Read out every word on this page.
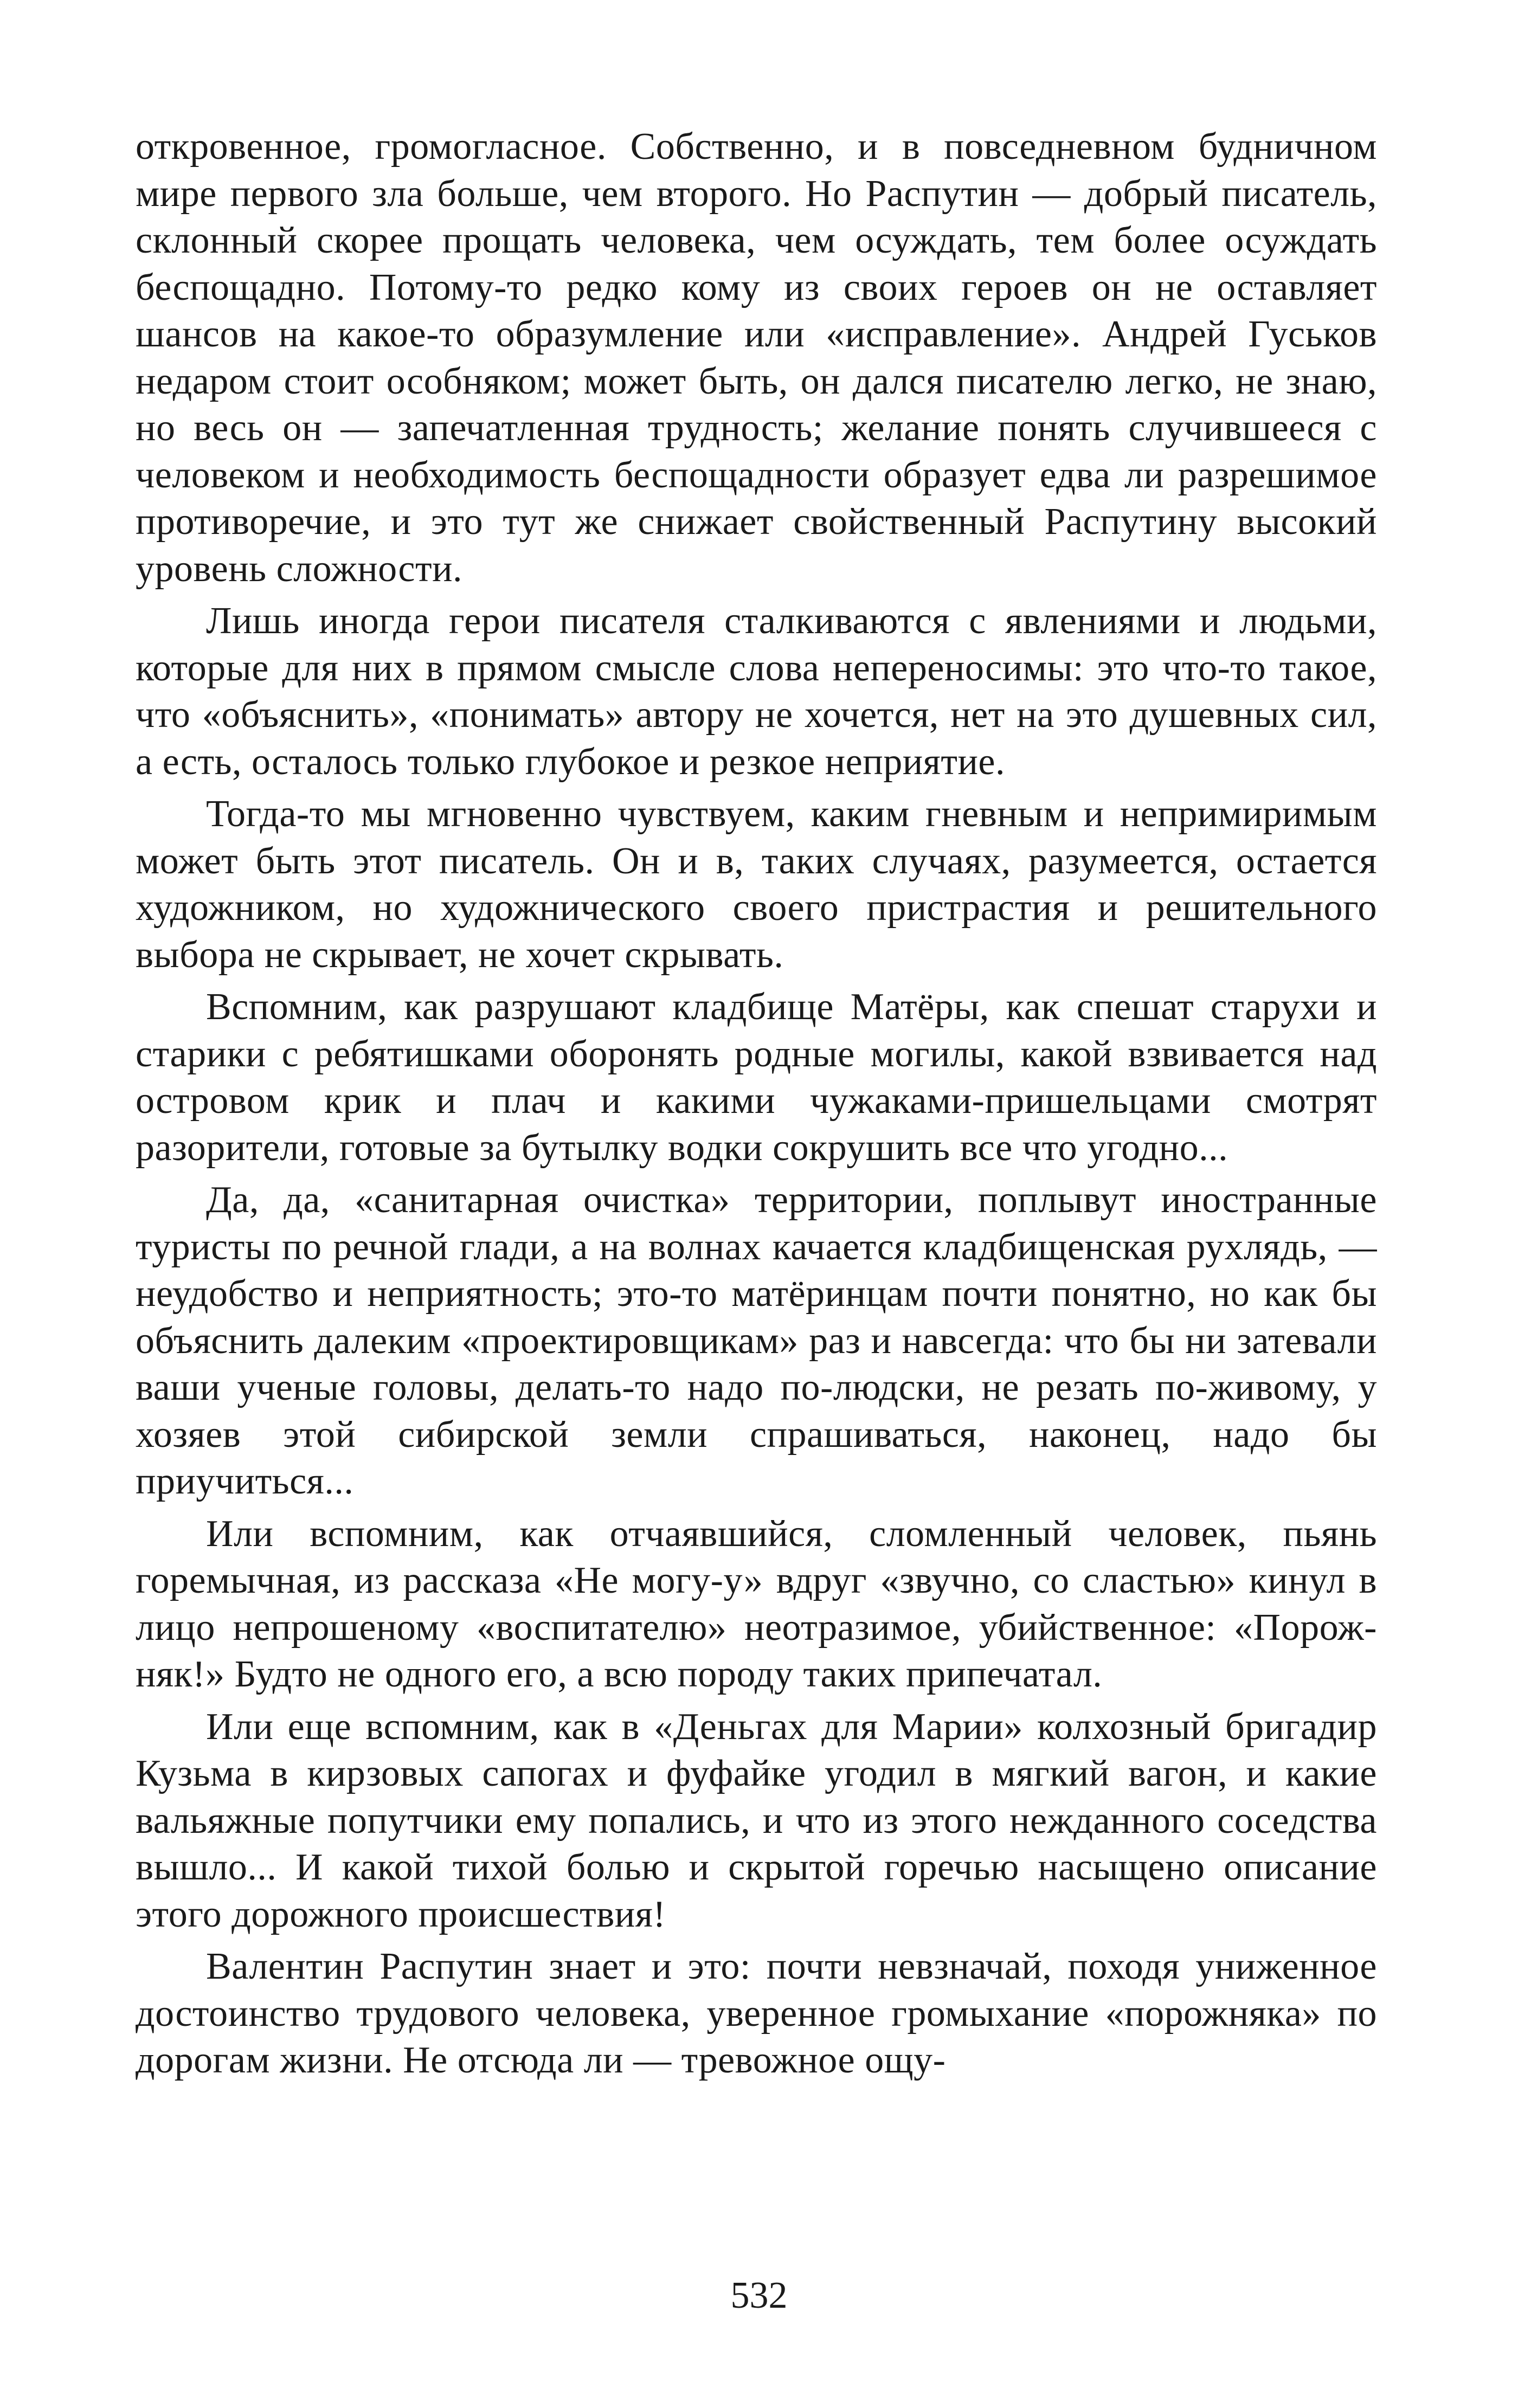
откровенное, громогласное. Собственно, и в повседневном будничном мире первого зла больше, чем второго. Но Распутин — добрый писатель, склонный скорее прощать человека, чем осуждать, тем более осуждать беспощадно. Потому-то редко кому из своих героев он не оставляет шансов на какое-то образумление или «исправление». Андрей Гуськов недаром стоит особняком; может быть, он дался писателю легко, не знаю, но весь он — запечатленная трудность; желание понять случившееся с человеком и необходимость беспощадности образует едва ли разрешимое противоречие, и это тут же снижает свойственный Распутину высокий уровень сложности.

Лишь иногда герои писателя сталкиваются с явлениями и людьми, которые для них в прямом смысле слова непереносимы: это что-то такое, что «объяснить», «понимать» автору не хочется, нет на это душевных сил, а есть, осталось только глубокое и резкое неприятие.

Тогда-то мы мгновенно чувствуем, каким гневным и непримиримым может быть этот писатель. Он и в, таких случаях, разумеется, остается художником, но художнического своего пристрастия и решительного выбора не скрывает, не хочет скрывать.

Вспомним, как разрушают кладбище Матёры, как спешат старухи и старики с ребятишками оборонять родные могилы, какой взвивается над островом крик и плач и какими чужаками-пришельцами смотрят разорители, готовые за бутылку водки сокрушить все что угодно...

Да, да, «санитарная очистка» территории, поплывут иностранные туристы по речной глади, а на волнах качается кладбищенская рухлядь, — неудобство и неприятность; это-то матёринцам почти понятно, но как бы объяснить далеким «проектировщикам» раз и навсегда: что бы ни затевали ваши ученые головы, делать-то надо по-людски, не резать по-живому, у хозяев этой сибирской земли спрашиваться, наконец, надо бы приучиться...

Или вспомним, как отчаявшийся, сломленный человек, пьянь горемычная, из рассказа «Не могу-у» вдруг «звучно, со сластью» кинул в лицо непрошеному «воспитателю» неотразимое, убийственное: «Порож-няк!» Будто не одного его, а всю породу таких припечатал.

Или еще вспомним, как в «Деньгах для Марии» колхозный бригадир Кузьма в кирзовых сапогах и фуфайке угодил в мягкий вагон, и какие вальяжные попутчики ему попались, и что из этого нежданного соседства вышло... И какой тихой болью и скрытой горечью насыщено описание этого дорожного происшествия!

Валентин Распутин знает и это: почти невзначай, походя униженное достоинство трудового человека, уверенное громыхание «порожняка» по дорогам жизни. Не отсюда ли — тревожное ощу-

532
